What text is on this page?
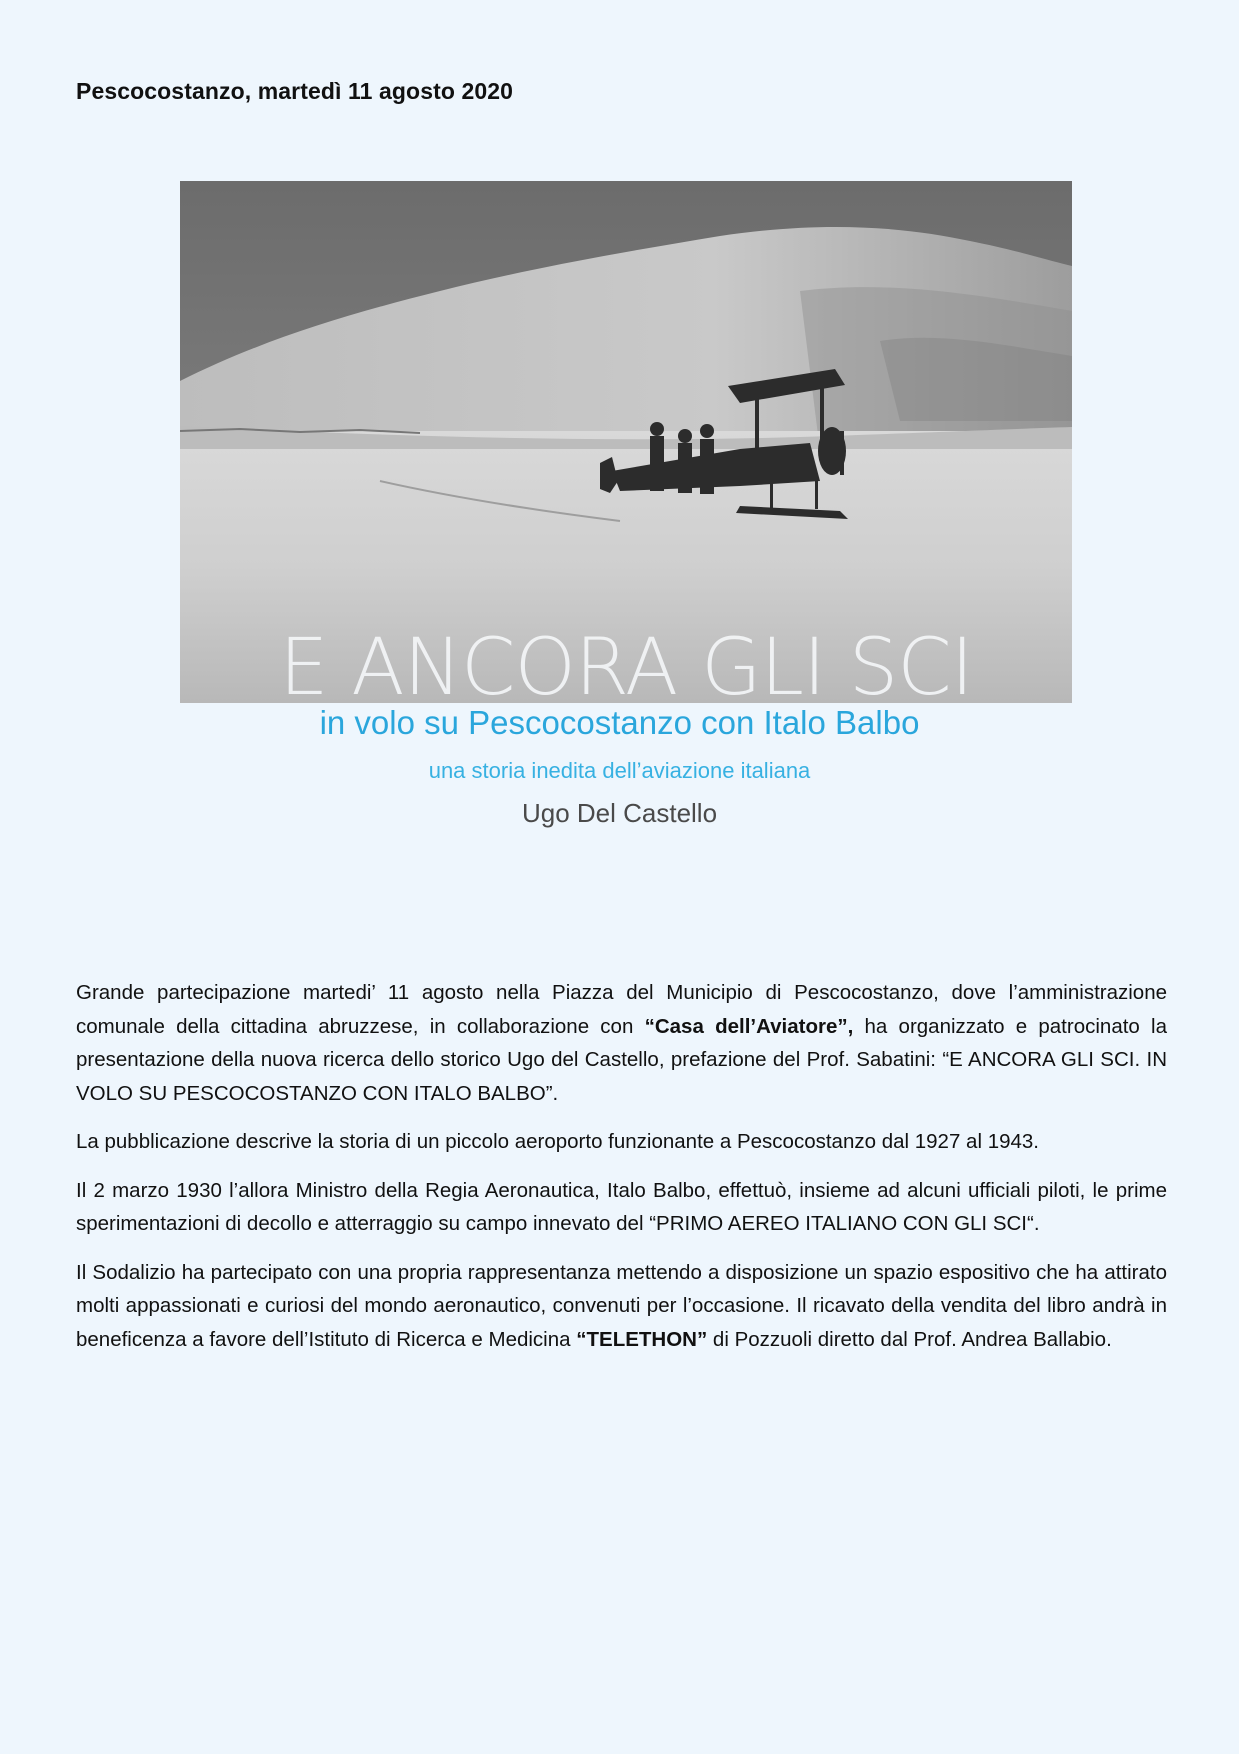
Pescocostanzo, martedì 11 agosto 2020
E ANCORA GLI SCI
in volo su Pescocostanzo con Italo Balbo
una storia inedita dell’aviazione italiana
Ugo Del Castello

Grande partecipazione martedi’ 11 agosto nella Piazza del Municipio di Pescocostanzo, dove l’amministrazione comunale della cittadina abruzzese, in collaborazione con “Casa dell’Aviatore”, ha organizzato e patrocinato la presentazione della nuova ricerca dello storico Ugo del Castello, prefazione del Prof. Sabatini: “E ANCORA GLI SCI. IN VOLO SU PESCOCOSTANZO CON ITALO BALBO”.

La pubblicazione descrive la storia di un piccolo aeroporto funzionante a Pescocostanzo dal 1927 al 1943.

Il 2 marzo 1930 l’allora Ministro della Regia Aeronautica, Italo Balbo, effettuò, insieme ad alcuni ufficiali piloti, le prime sperimentazioni di decollo e atterraggio su campo innevato del “PRIMO AEREO ITALIANO CON GLI SCI“.

Il Sodalizio ha partecipato con una propria rappresentanza mettendo a disposizione un spazio espositivo che ha attirato molti appassionati e curiosi del mondo aeronautico, convenuti per l’occasione. Il ricavato della vendita del libro andrà in beneficenza a favore dell’Istituto di Ricerca e Medicina “TELETHON” di Pozzuoli diretto dal Prof. Andrea Ballabio.
